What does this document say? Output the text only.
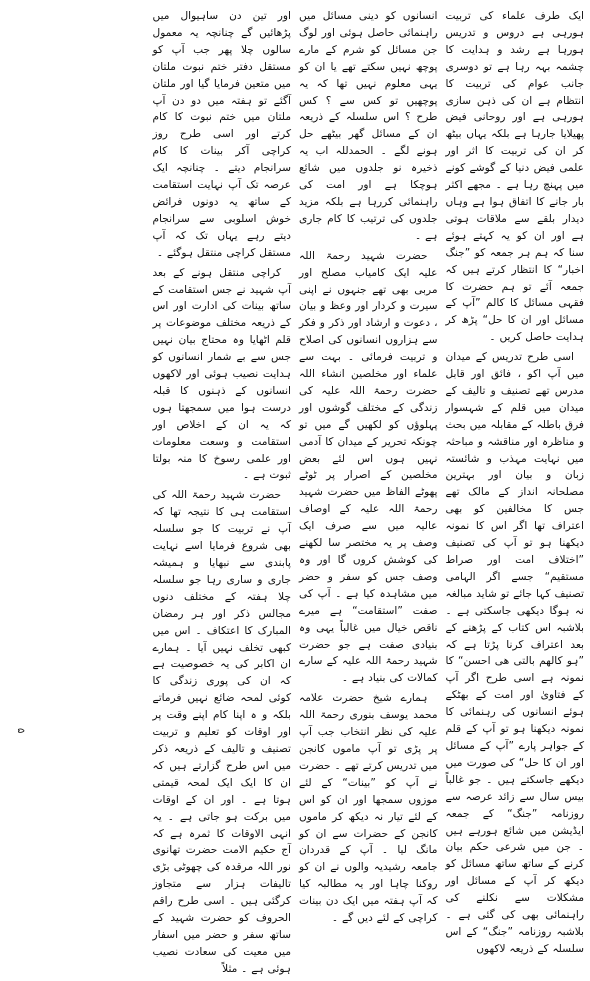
ایک طرف علماء کی تربیت ہورہی ہے دروس و تدریس ہورہا ہے رشد و ہدایت کا چشمہ بہہ رہا ہے تو دوسری جانب عوام کی تربیت کا انتظام ہے ان کی ذہن سازی ہورہی ہے اور روحانی فیض پھیلایا جارہا ہے بلکہ یہاں بیٹھ کر ان کی تربیت کا اثر اور علمی فیض دنیا کے گوشے کونے میں پہنچ رہا ہے ۔ مجھے اکثر بار جانے کا اتفاق ہوا ہے وہاں دیدار بلقے سے ملاقات ہوتی ہے اور ان کو یہ کہتے ہوئے سنا کہ ہم ہر جمعہ کو ”جنگ اخبار“ کا انتظار کرتے ہیں کہ جمعہ آئے تو ہم حضرت کا فقہی مسائل کا کالم ”آپ کے مسائل اور ان کا حل“ پڑھ کر ہدایت حاصل کریں ۔

اسی طرح تدریس کے میدان میں آپ اکو ، فائق اور قابل مدرس تھے تصنیف و تالیف کے میدان میں قلم کے شہسوار فرق باطلہ کے مقابلہ میں بحث و مناظرہ اور مناقشہ و مباحثہ میں نہایت مہذب و شائستہ زبان و بیان اور بہترین مصلحانہ انداز کے مالک تھے جس کا مخالفین کو بھی اعتراف تھا اگر اس کا نمونہ دیکھنا ہو تو آپ کی تصنیف ”اختلاف امت اور صراط مستقیم“ جسے اگر الہامی تصنیف کہا جائے تو شاید مبالغہ نہ ہوگا دیکھی جاسکتی ہے ۔ بلاشبہ اس کتاب کے پڑھنے کے بعد اعتراف کرنا پڑتا ہے کہ ”ہو کالھم بالتی ھی احسن“ کا نمونہ ہے اسی طرح اگر آپ کے فتاویٰ اور امت کے بھٹکے ہوئے انسانوں کی رہنمائی کا نمونہ دیکھنا ہو تو آپ کے قلم کے جواہر پارے ”آپ کے مسائل اور ان کا حل“ کی صورت میں دیکھے جاسکتے ہیں ۔ جو غالباً بیس سال سے زائد عرصہ سے روزنامہ ”جنگ“ کے جمعہ ایڈیشن میں شائع ہورہے ہیں ۔ جن میں شرعی حکم بیان کرنے کے ساتھ ساتھ مسائل کو دیکھ کر آپ کے مسائل اور مشکلات سے نکلنے کی راہنمائی بھی کی گئی ہے ۔ بلاشبہ روزنامہ ”جنگ“ کے اس سلسلہ کے ذریعہ لاکھوں

انسانوں کو دینی مسائل میں راہنمائی حاصل ہوئی اور لوگ جن مسائل کو شرم کے مارے پوچھ نہیں سکتے تھے یا ان کو یہی معلوم نہیں تھا کہ یہ پوچھیں تو کس سے ؟ کس طرح ؟ اس سلسلہ کے ذریعہ ان کے مسائل گھر بیٹھے حل ہونے لگے ۔ الحمدللہ اب یہ ذخیرہ نو جلدوں میں شائع ہوچکا ہے اور امت کی راہنمائی کررہا ہے بلکہ مزید جلدوں کی ترتیب کا کام جاری ہے ۔

حضرت شہید رحمۃ اللہ علیہ ایک کامیاب مصلح اور مربی بھی تھے جنہوں نے اپنی سیرت و کردار اور وعظ و بیان ، دعوت و ارشاد اور ذکر و فکر سے ہزاروں انسانوں کی اصلاح و تربیت فرمائی ۔ بہت سے علماء اور مخلصین انشاء اللہ حضرت رحمۃ اللہ علیہ کی زندگی کے مختلف گوشوں اور پہلوؤں کو لکھیں گے میں تو چونکہ تحریر کے میدان کا آدمی نہیں ہوں اس لئے بعض مخلصین کے اصرار پر ٹوٹے پھوٹے الفاظ میں حضرت شہید رحمۃ اللہ علیہ کے اوصاف عالیہ میں سے صرف ایک وصف پر یہ مختصر سا لکھنے کی کوشش کروں گا اور وہ وصف جس کو سفر و حضر میں مشاہدہ کیا ہے ۔ آپ کی صفت ”استقامت“ ہے میرے ناقص خیال میں غالباً یہی وہ بنیادی صفت ہے جو حضرت شہید رحمۃ اللہ علیہ کے سارے کمالات کی بنیاد ہے ۔

ہمارے شیخ حضرت علامہ محمد یوسف بنوری رحمۃ اللہ علیہ کی نظر انتخاب جب آپ پر پڑی تو آپ ماموں کانجن میں تدریس کرتے تھے ۔ حضرت نے آپ کو ”بینات“ کے لئے موزوں سمجھا اور ان کو اس کے لئے تیار نہ دیکھ کر ماموں کانجن کے حضرات سے ان کو مانگ لیا ۔ آپ کے قدردان جامعہ رشیدیہ والوں نے ان کو روکنا چاہا اور یہ مطالبہ کیا کہ آپ ہفتہ میں ایک دن بینات کراچی کے لئے دیں گے ۔

اور تین دن ساہیوال میں پڑھائیں گے چنانچہ یہ معمول سالوں چلا پھر جب آپ کو مستقل دفتر ختم نبوت ملتان میں متعین فرمایا گیا اور ملتان آگئے تو ہفتہ میں دو دن آپ ملتان میں ختم نبوت کا کام کرتے اور اسی طرح روز کراچی آکر بینات کا کام سرانجام دیتے ۔ چنانچہ ایک عرصہ تک آپ نہایت استقامت کے ساتھ یہ دونوں فرائض خوش اسلوبی سے سرانجام دیتے رہے یہاں تک کہ آپ مستقل کراچی منتقل ہوگئے ۔

کراچی منتقل ہونے کے بعد آپ شہید نے جس استقامت کے ساتھ بینات کی ادارت اور اس کے ذریعہ مختلف موضوعات پر قلم اٹھایا وہ محتاج بیان نہیں جس سے بے شمار انسانوں کو ہدایت نصیب ہوئی اور لاکھوں انسانوں کے ذہنوں کا قبلہ درست ہوا میں سمجھتا ہوں کہ یہ ان کے اخلاص اور استقامت و وسعت معلومات اور علمی رسوخ کا منہ بولتا ثبوت ہے ۔

حضرت شہید رحمۃ اللہ کی استقامت ہی کا نتیجہ تھا کہ آپ نے تربیت کا جو سلسلہ بھی شروع فرمایا اسے نہایت پابندی سے نبھایا و ہمیشہ جاری و ساری رہا جو سلسلہ چلا ہفتہ کے مختلف دنوں مجالس ذکر اور ہر رمضان المبارک کا اعتکاف ۔ اس میں کبھی تخلف نہیں آیا ۔ ہمارے ان اکابر کی یہ خصوصیت ہے کہ ان کی پوری زندگی کا کوئی لمحہ ضائع نہیں فرماتے بلکہ و ہ اپنا کام اپنے وقت پر اور اوقات کو تعلیم و تربیت تصنیف و تالیف کے ذریعہ ذکر میں اس طرح گزارتے ہیں کہ ان کا ایک ایک لمحہ قیمتی ہوتا ہے ۔ اور ان کے اوقات میں برکت ہو جاتی ہے ۔ یہ انہی الاوقات کا ثمرہ ہے کہ آج حکیم الامت حضرت تھانوی نور اللہ مرقدہ کی چھوٹی بڑی تالیفات ہزار سے متجاوز کرگئی ہیں ۔ اسی طرح راقم الحروف کو حضرت شہید کے ساتھ سفر و حضر میں اسفار میں معیت کی سعادت نصیب ہوئی ہے ۔ مثلاً

۵
